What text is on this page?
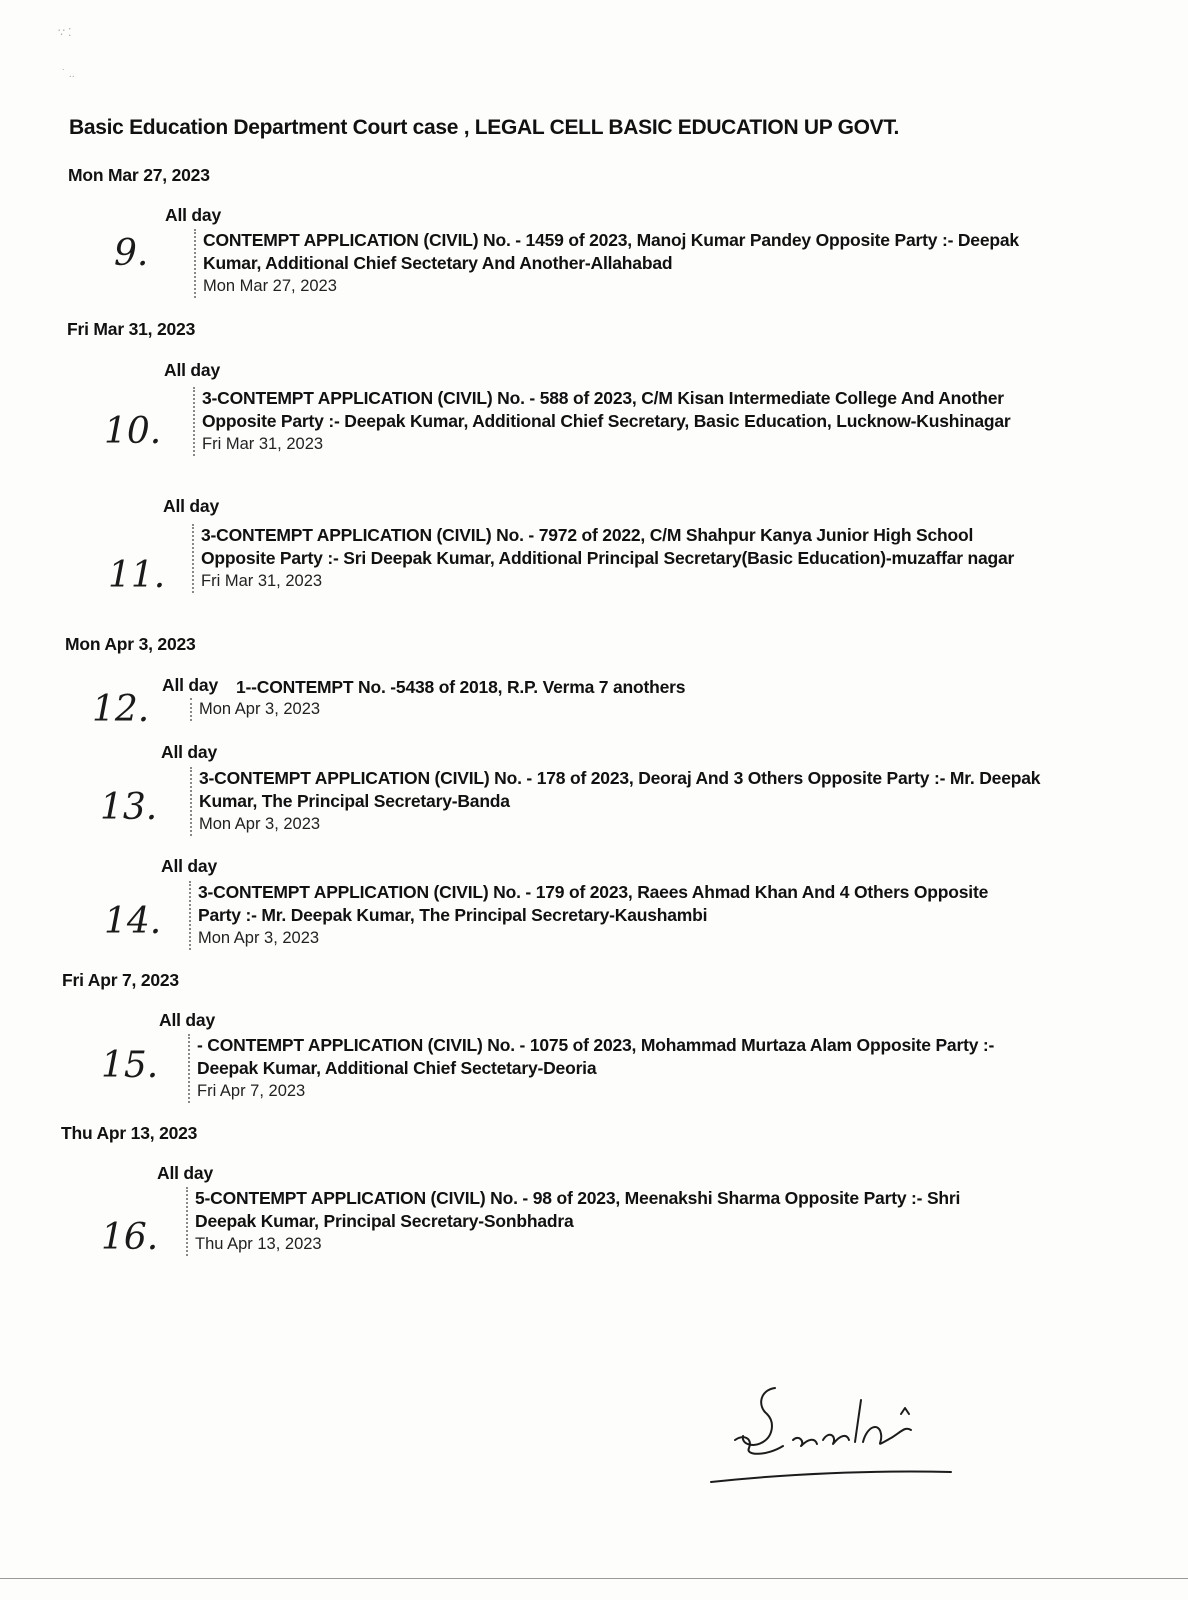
∵ ⁚
˙ ..
Basic Education Department Court case , LEGAL CELL BASIC EDUCATION UP GOVT.
Mon Mar 27, 2023
All day
9.	CONTEMPT APPLICATION (CIVIL) No. - 1459 of 2023, Manoj Kumar Pandey Opposite Party :- Deepak Kumar, Additional Chief Sectetary And Another-Allahabad
Mon Mar 27, 2023
Fri Mar 31, 2023
All day
10.
3-CONTEMPT APPLICATION (CIVIL) No. - 588 of 2023, C/M Kisan Intermediate College And Another Opposite Party :- Deepak Kumar, Additional Chief Secretary, Basic Education, Lucknow-Kushinagar
Fri Mar 31, 2023
All day
11.
3-CONTEMPT APPLICATION (CIVIL) No. - 7972 of 2022, C/M Shahpur Kanya Junior High School Opposite Party :- Sri Deepak Kumar, Additional Principal Secretary(Basic Education)-muzaffar nagar
Fri Mar 31, 2023
Mon Apr 3, 2023
All day
12.
1--CONTEMPT No. -5438 of 2018, R.P. Verma 7 anothers
Mon Apr 3, 2023
All day
13.
3-CONTEMPT APPLICATION (CIVIL) No. - 178 of 2023, Deoraj And 3 Others Opposite Party :- Mr. Deepak Kumar, The Principal Secretary-Banda
Mon Apr 3, 2023
All day
14.
3-CONTEMPT APPLICATION (CIVIL) No. - 179 of 2023, Raees Ahmad Khan And 4 Others Opposite Party :- Mr. Deepak Kumar, The Principal Secretary-Kaushambi
Mon Apr 3, 2023
Fri Apr 7, 2023
All day
15. - CONTEMPT APPLICATION (CIVIL) No. - 1075 of 2023, Mohammad Murtaza Alam Opposite Party :- Deepak Kumar, Additional Chief Sectetary-Deoria
Fri Apr 7, 2023
Thu Apr 13, 2023
All day
16.
5-CONTEMPT APPLICATION (CIVIL) No. - 98 of 2023, Meenakshi Sharma Opposite Party :- Shri Deepak Kumar, Principal Secretary-Sonbhadra
Thu Apr 13, 2023
